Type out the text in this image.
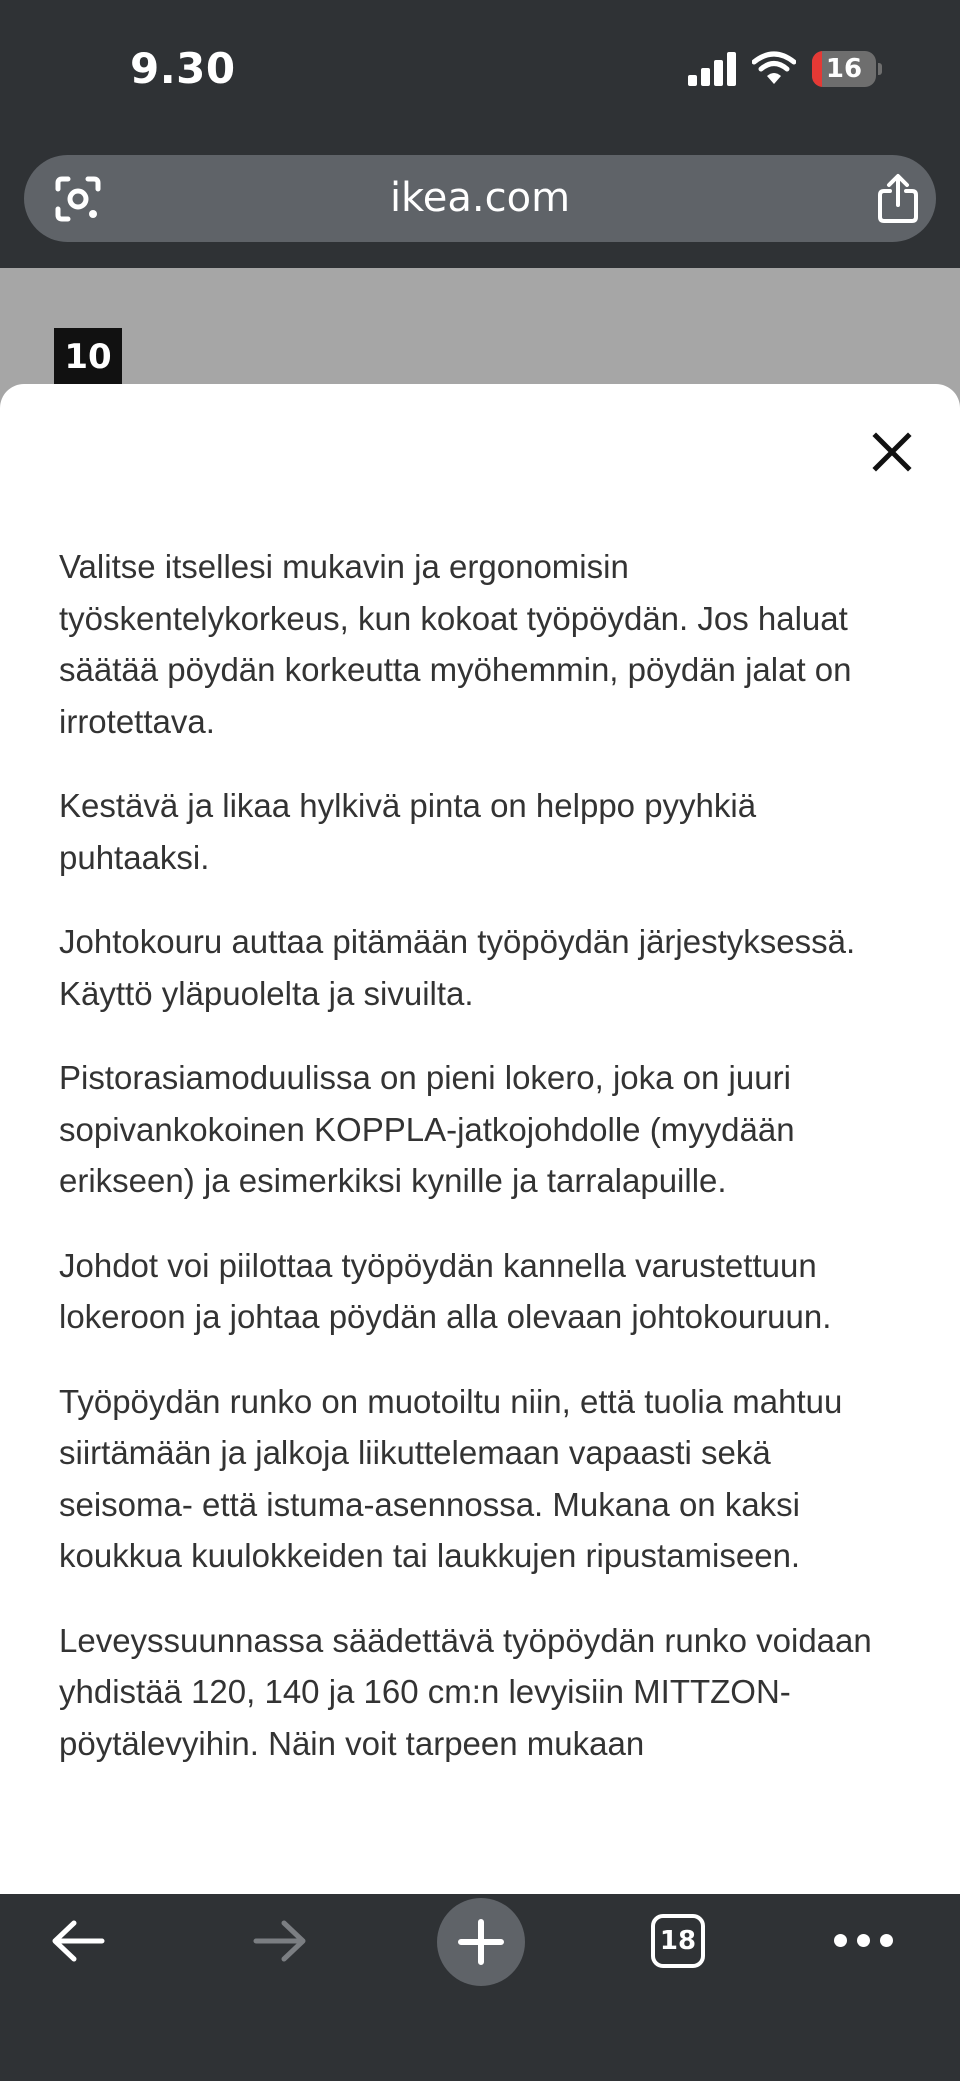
9.30	16
ikea.com
10

Valitse itsellesi mukavin ja ergonomisin työskentelykorkeus, kun kokoat työpöydän. Jos haluat säätää pöydän korkeutta myöhemmin, pöydän jalat on irrotettava.

Kestävä ja likaa hylkivä pinta on helppo pyyhkiä puhtaaksi.

Johtokouru auttaa pitämään työpöydän järjestyksessä. Käyttö yläpuolelta ja sivuilta.

Pistorasiamoduulissa on pieni lokero, joka on juuri sopivankokoinen KOPPLA-jatkojohdolle (myydään erikseen) ja esimerkiksi kynille ja tarralapuille.

Johdot voi piilottaa työpöydän kannella varustettuun lokeroon ja johtaa pöydän alla olevaan johtokouruun.

Työpöydän runko on muotoiltu niin, että tuolia mahtuu siirtämään ja jalkoja liikuttelemaan vapaasti sekä seisoma- että istuma-asennossa. Mukana on kaksi koukkua kuulokkeiden tai laukkujen ripustamiseen.

Leveyssuunnassa säädettävä työpöydän runko voidaan yhdistää 120, 140 ja 160 cm:n levyisiin MITTZON-pöytälevyihin. Näin voit tarpeen mukaan

18
